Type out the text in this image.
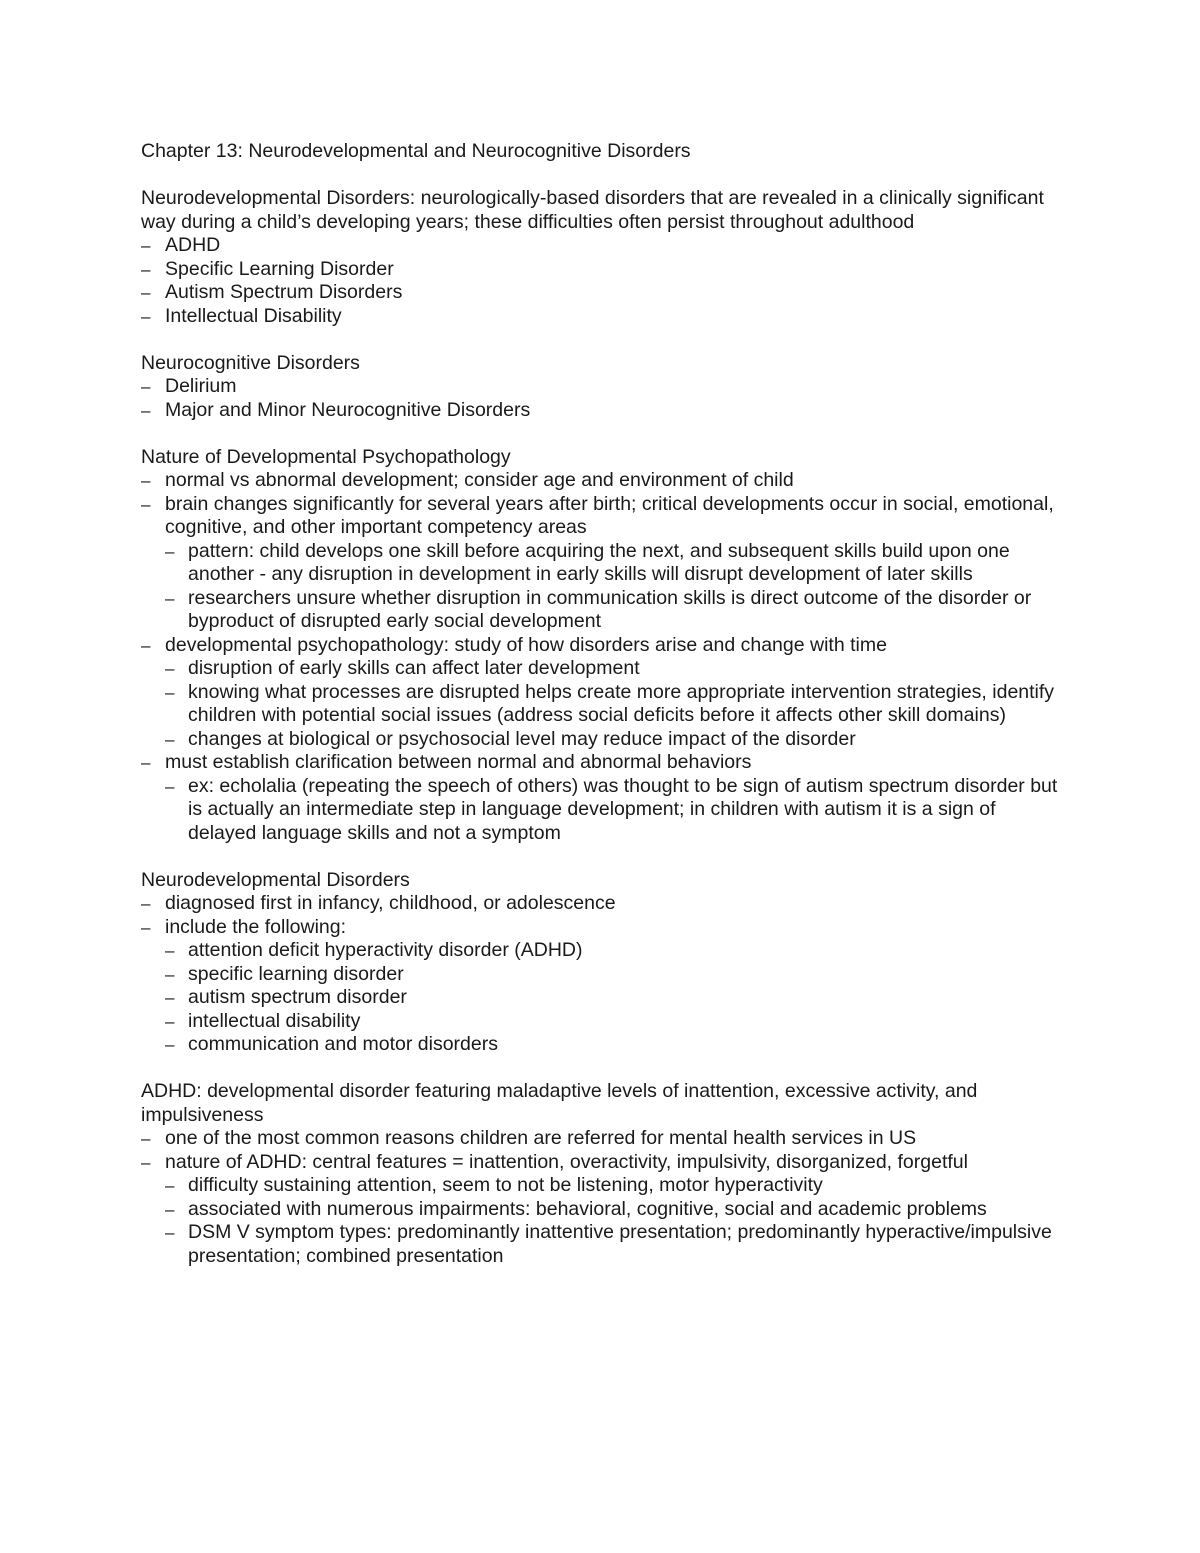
Chapter 13: Neurodevelopmental and Neurocognitive Disorders

Neurodevelopmental Disorders: neurologically-based disorders that are revealed in a clinically significant way during a child’s developing years; these difficulties often persist throughout adulthood

– ADHD
– Specific Learning Disorder
– Autism Spectrum Disorders
– Intellectual Disability

Neurocognitive Disorders

– Delirium
– Major and Minor Neurocognitive Disorders

Nature of Developmental Psychopathology

– normal vs abnormal development; consider age and environment of child
– brain changes significantly for several years after birth; critical developments occur in social, emotional, cognitive, and other important competency areas
– pattern: child develops one skill before acquiring the next, and subsequent skills build upon one another - any disruption in development in early skills will disrupt development of later skills
– researchers unsure whether disruption in communication skills is direct outcome of the disorder or byproduct of disrupted early social development
– developmental psychopathology: study of how disorders arise and change with time
– disruption of early skills can affect later development
– knowing what processes are disrupted helps create more appropriate intervention strategies, identify children with potential social issues (address social deficits before it affects other skill domains)
– changes at biological or psychosocial level may reduce impact of the disorder
– must establish clarification between normal and abnormal behaviors
– ex: echolalia (repeating the speech of others) was thought to be sign of autism spectrum disorder but is actually an intermediate step in language development; in children with autism it is a sign of delayed language skills and not a symptom

Neurodevelopmental Disorders

– diagnosed first in infancy, childhood, or adolescence
– include the following:
– attention deficit hyperactivity disorder (ADHD)
– specific learning disorder
– autism spectrum disorder
– intellectual disability
– communication and motor disorders

ADHD: developmental disorder featuring maladaptive levels of inattention, excessive activity, and impulsiveness

– one of the most common reasons children are referred for mental health services in US
– nature of ADHD: central features = inattention, overactivity, impulsivity, disorganized, forgetful
– difficulty sustaining attention, seem to not be listening, motor hyperactivity
– associated with numerous impairments: behavioral, cognitive, social and academic problems
– DSM V symptom types: predominantly inattentive presentation; predominantly hyperactive/impulsive presentation; combined presentation
